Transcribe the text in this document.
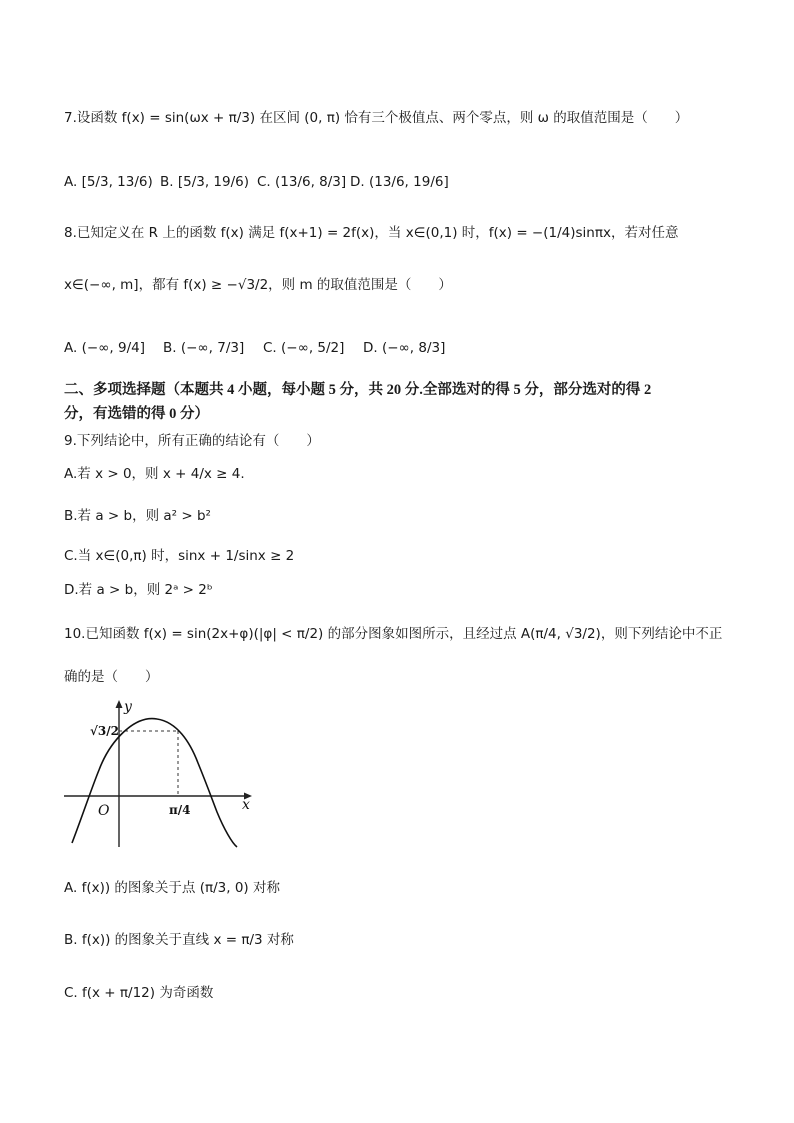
7.设函数 f(x) = sin(ωx + π/3) 在区间 (0, π) 恰有三个极值点、两个零点，则 ω 的取值范围是（　　）
A. [5/3, 13/6) B. [5/3, 19/6) C. (13/6, 8/3] D. (13/6, 19/6]
8.已知定义在 R 上的函数 f(x) 满足 f(x+1) = 2f(x)，当 x∈(0,1) 时，f(x) = −(1/4)sinπx，若对任意
x∈(−∞, m]，都有 f(x) ≥ −√3/2，则 m 的取值范围是（　　）
A. (−∞, 9/4] B. (−∞, 7/3] C. (−∞, 5/2] D. (−∞, 8/3]
二、多项选择题（本题共 4 小题，每小题 5 分，共 20 分.全部选对的得 5 分，部分选对的得 2
分，有选错的得 0 分）
9.下列结论中，所有正确的结论有（　　）
A.若 x > 0，则 x + 4/x ≥ 4.
B.若 a > b，则 a² > b²
C.当 x∈(0,π) 时，sinx + 1/sinx ≥ 2
D.若 a > b，则 2ᵃ > 2ᵇ
10.已知函数 f(x) = sin(2x+φ)(|φ| < π/2) 的部分图象如图所示，且经过点 A(π/4, √3/2)，则下列结论中不正
确的是（　　）
y
x
O
√3/2
π/4
A. f(x)) 的图象关于点 (π/3, 0) 对称
B. f(x)) 的图象关于直线 x = π/3 对称
C. f(x + π/12) 为奇函数
